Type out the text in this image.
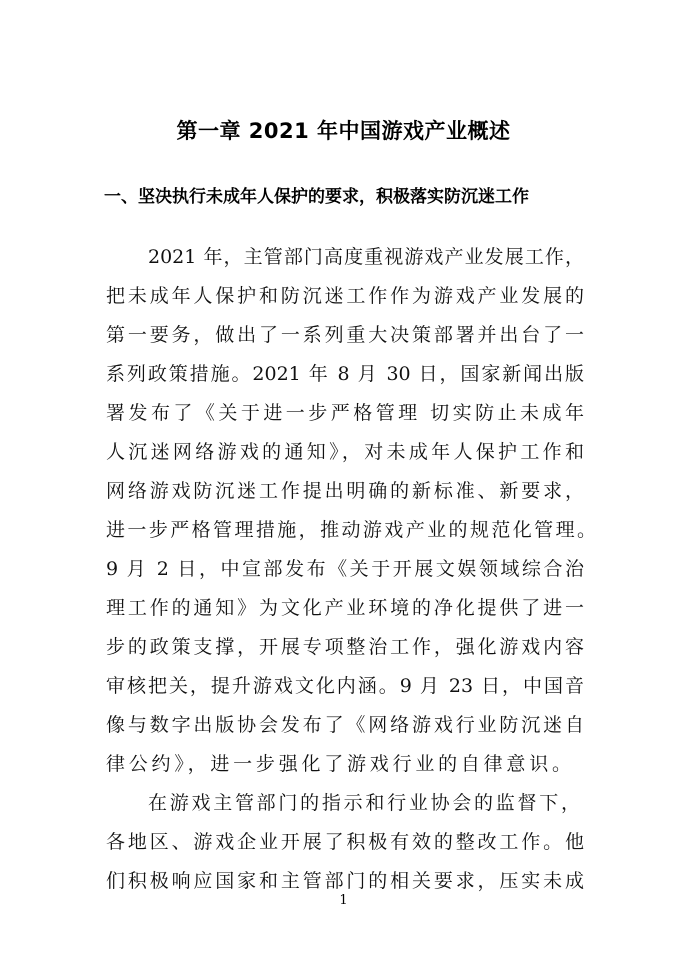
第一章 2021 年中国游戏产业概述
一、坚决执行未成年人保护的要求，积极落实防沉迷工作
2021 年，主管部门高度重视游戏产业发展工作，
把未成年人保护和防沉迷工作作为游戏产业发展的
第一要务，做出了一系列重大决策部署并出台了一
系列政策措施。2021 年 8 月 30 日，国家新闻出版
署发布了《关于进一步严格管理 切实防止未成年
人沉迷网络游戏的通知》，对未成年人保护工作和
网络游戏防沉迷工作提出明确的新标准、新要求，
进一步严格管理措施，推动游戏产业的规范化管理。
9 月 2 日，中宣部发布《关于开展文娱领域综合治
理工作的通知》为文化产业环境的净化提供了进一
步的政策支撑，开展专项整治工作，强化游戏内容
审核把关，提升游戏文化内涵。9 月 23 日，中国音
像与数字出版协会发布了《网络游戏行业防沉迷自
律公约》，进一步强化了游戏行业的自律意识。
在游戏主管部门的指示和行业协会的监督下，
各地区、游戏企业开展了积极有效的整改工作。他
们积极响应国家和主管部门的相关要求，压实未成
1
